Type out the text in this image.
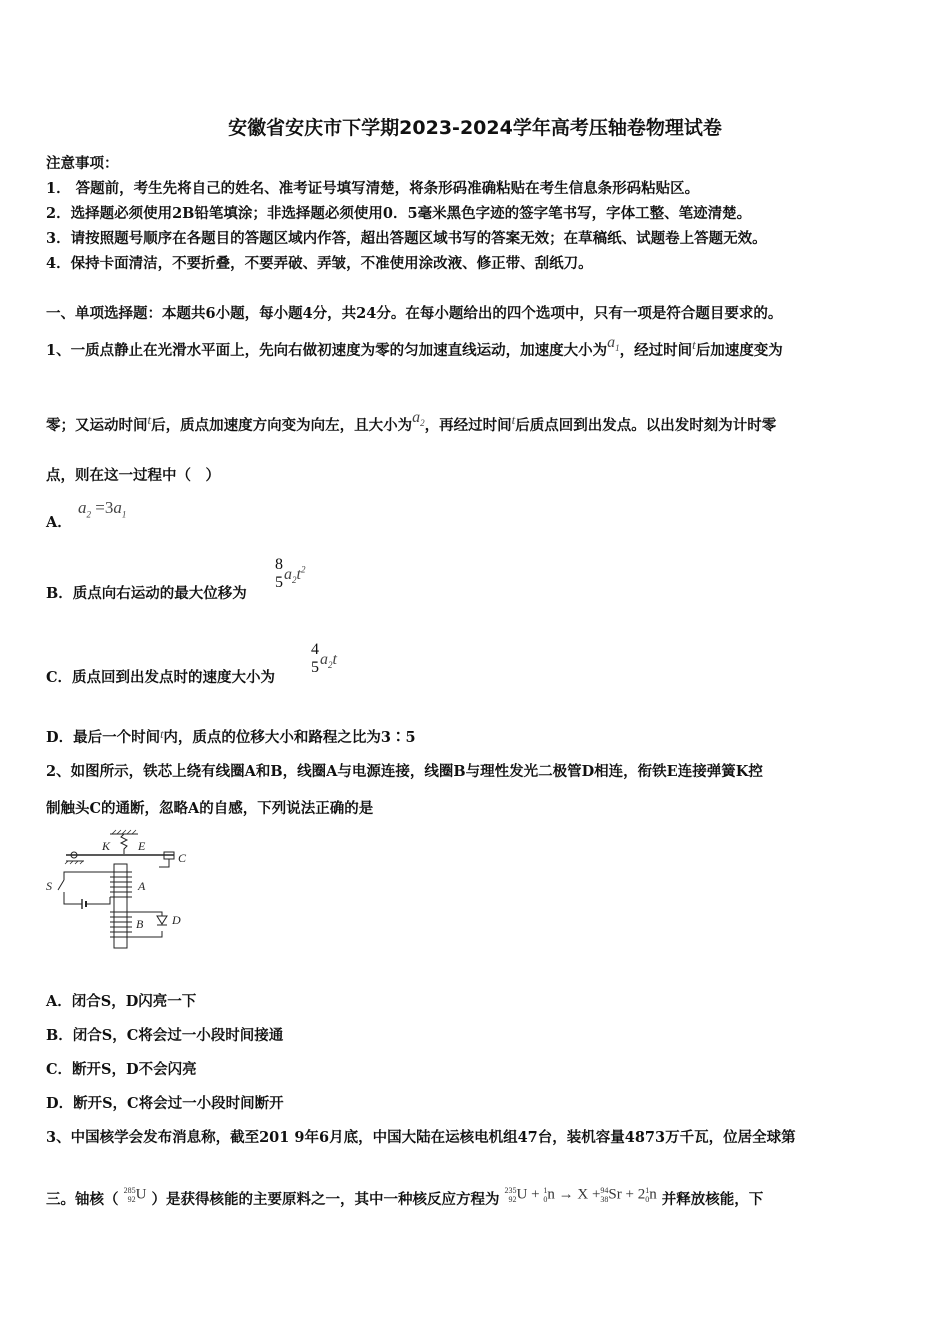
安徽省安庆市下学期2023-2024学年高考压轴卷物理试卷
注意事项：
1． 答题前，考生先将自己的姓名、准考证号填写清楚，将条形码准确粘贴在考生信息条形码粘贴区。
2．选择题必须使用2B铅笔填涂；非选择题必须使用0．5毫米黑色字迹的签字笔书写，字体工整、笔迹清楚。
3．请按照题号顺序在各题目的答题区域内作答，超出答题区域书写的答案无效；在草稿纸、试题卷上答题无效。
4．保持卡面清洁，不要折叠，不要弄破、弄皱，不准使用涂改液、修正带、刮纸刀。
一、单项选择题：本题共6小题，每小题4分，共24分。在每小题给出的四个选项中，只有一项是符合题目要求的。
1、一质点静止在光滑水平面上，先向右做初速度为零的匀加速直线运动，加速度大小为$a_1$，经过时间t后加速度变为
零；又运动时间t后，质点加速度方向变为向左，且大小为$a_2$，再经过时间t后质点回到出发点。以出发时刻为计时零
点，则在这一过程中（　）
A．
$a_2 =3a_1$
B．质点向右运动的最大位移为
8
5 $a_2t^2$
C．质点回到出发点时的速度大小为
4
5 $a_2t$
D．最后一个时间$^t$内，质点的位移大小和路程之比为3∶5
2、如图所示，铁芯上绕有线圈A和B，线圈A与电源连接，线圈B与理性发光二极管D相连，衔铁E连接弹簧K控
制触头C的通断，忽略A的自感，下列说法正确的是
K E
C
S	A
B D
A．闭合S，D闪亮一下
B．闭合S，C将会过一小段时间接通
C．断开S，D不会闪亮
D．断开S，C将会过一小段时间断开
3、中国核学会发布消息称，截至201 9年6月底，中国大陆在运核电机组47台，装机容量4873万千瓦，位居全球第
三。铀核（
285
92 U ）是获得核能的主要原料之一，其中一种核反应方程为
235
92 U + 1
0 n → X + 94
38 Sr + 2 1
0 n 并释放核能，下
